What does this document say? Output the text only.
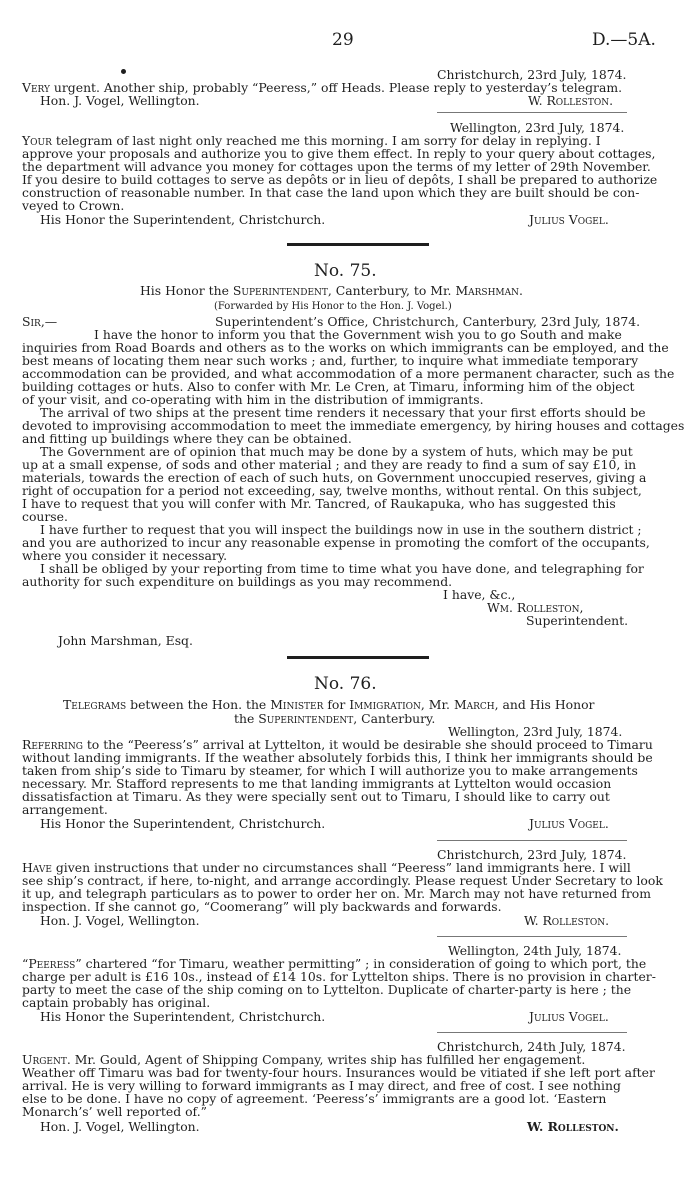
29	D.—5A.
Christchurch, 23rd July, 1874.
Very urgent. Another ship, probably “Peeress,” off Heads. Please reply to yesterday’s telegram.
Hon. J. Vogel, Wellington.	W. Rolleston.
Wellington, 23rd July, 1874.
Your telegram of last night only reached me this morning. I am sorry for delay in replying. I
approve your proposals and authorize you to give them effect. In reply to your query about cottages,
the department will advance you money for cottages upon the terms of my letter of 29th November.
If you desire to build cottages to serve as depôts or in lieu of depôts, I shall be prepared to authorize
construction of reasonable number. In that case the land upon which they are built should be con-
veyed to Crown.
His Honor the Superintendent, Christchurch.	Julius Vogel.
No. 75.
His Honor the Superintendent, Canterbury, to Mr. Marshman.
(Forwarded by His Honor to the Hon. J. Vogel.)
Sir,—	Superintendent’s Office, Christchurch, Canterbury, 23rd July, 1874.
I have the honor to inform you that the Government wish you to go South and make
inquiries from Road Boards and others as to the works on which immigrants can be employed, and the
best means of locating them near such works ; and, further, to inquire what immediate temporary
accommodation can be provided, and what accommodation of a more permanent character, such as the
building cottages or huts. Also to confer with Mr. Le Cren, at Timaru, informing him of the object
of your visit, and co-operating with him in the distribution of immigrants.
The arrival of two ships at the present time renders it necessary that your first efforts should be
devoted to improvising accommodation to meet the immediate emergency, by hiring houses and cottages
and fitting up buildings where they can be obtained.
The Government are of opinion that much may be done by a system of huts, which may be put
up at a small expense, of sods and other material ; and they are ready to find a sum of say £10, in
materials, towards the erection of each of such huts, on Government unoccupied reserves, giving a
right of occupation for a period not exceeding, say, twelve months, without rental. On this subject,
I have to request that you will confer with Mr. Tancred, of Raukapuka, who has suggested this
course.
I have further to request that you will inspect the buildings now in use in the southern district ;
and you are authorized to incur any reasonable expense in promoting the comfort of the occupants,
where you consider it necessary.
I shall be obliged by your reporting from time to time what you have done, and telegraphing for
authority for such expenditure on buildings as you may recommend.
I have, &c.,
Wm. Rolleston,
Superintendent.
John Marshman, Esq.
No. 76.
Telegrams between the Hon. the Minister for Immigration, Mr. March, and His Honor
the Superintendent, Canterbury.
Wellington, 23rd July, 1874.
Referring to the “Peeress’s” arrival at Lyttelton, it would be desirable she should proceed to Timaru
without landing immigrants. If the weather absolutely forbids this, I think her immigrants should be
taken from ship’s side to Timaru by steamer, for which I will authorize you to make arrangements
necessary. Mr. Stafford represents to me that landing immigrants at Lyttelton would occasion
dissatisfaction at Timaru. As they were specially sent out to Timaru, I should like to carry out
arrangement.
His Honor the Superintendent, Christchurch.	Julius Vogel.
Christchurch, 23rd July, 1874.
Have given instructions that under no circumstances shall “Peeress” land immigrants here. I will
see ship’s contract, if here, to-night, and arrange accordingly. Please request Under Secretary to look
it up, and telegraph particulars as to power to order her on. Mr. March may not have returned from
inspection. If she cannot go, “Coomerang” will ply backwards and forwards.
Hon. J. Vogel, Wellington.	W. Rolleston.
Wellington, 24th July, 1874.
“Peeress” chartered “for Timaru, weather permitting” ; in consideration of going to which port, the
charge per adult is £16 10s., instead of £14 10s. for Lyttelton ships. There is no provision in charter-
party to meet the case of the ship coming on to Lyttelton. Duplicate of charter-party is here ; the
captain probably has original.
His Honor the Superintendent, Christchurch.	Julius Vogel.
Christchurch, 24th July, 1874.
Urgent. Mr. Gould, Agent of Shipping Company, writes ship has fulfilled her engagement.
Weather off Timaru was bad for twenty-four hours. Insurances would be vitiated if she left port after
arrival. He is very willing to forward immigrants as I may direct, and free of cost. I see nothing
else to be done. I have no copy of agreement. ‘Peeress’s’ immigrants are a good lot. ‘Eastern
Monarch’s’ well reported of.”
Hon. J. Vogel, Wellington.	W. Rolleston.
